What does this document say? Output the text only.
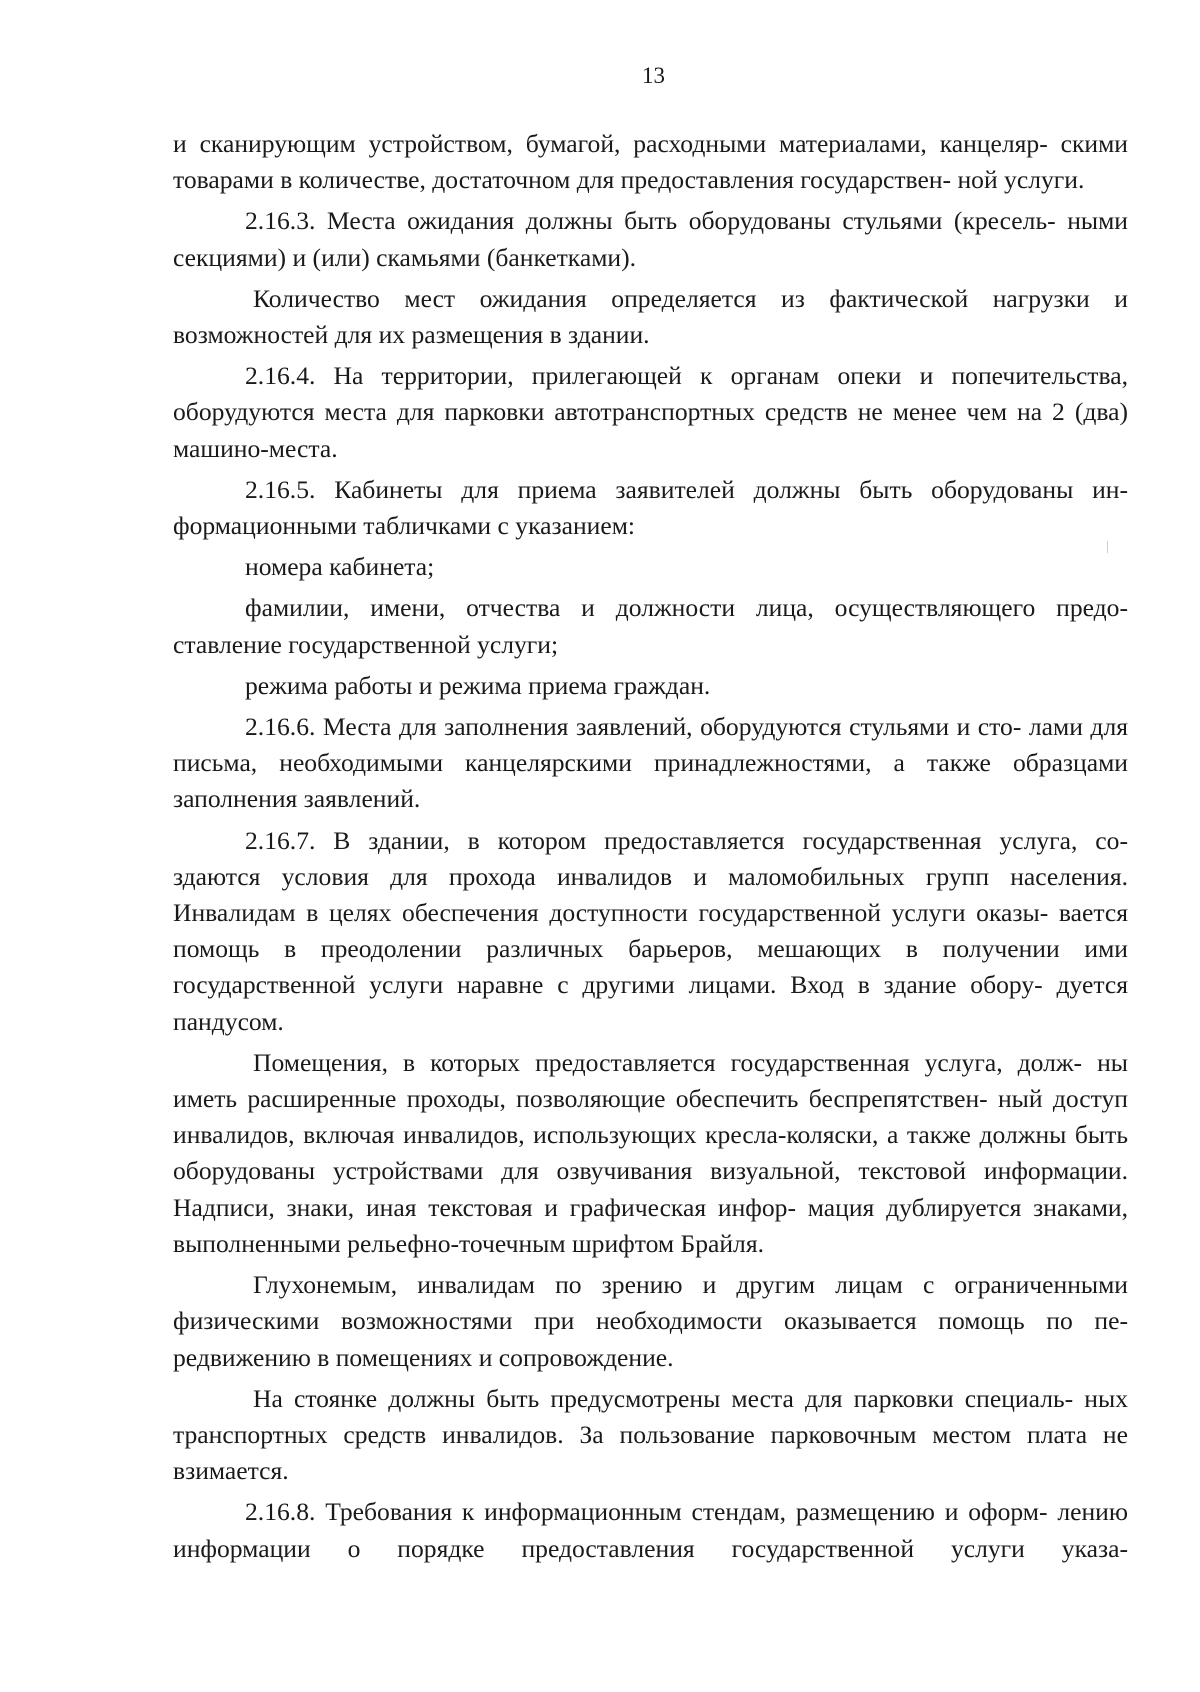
13

и сканирующим устройством, бумагой, расходными материалами, канцеляр- скими товарами в количестве, достаточном для предоставления государствен- ной услуги.

2.16.3. Места ожидания должны быть оборудованы стульями (кресель- ными секциями) и (или) скамьями (банкетками).

Количество мест ожидания определяется из фактической нагрузки и возможностей для их размещения в здании.

2.16.4. На территории, прилегающей к органам опеки и попечительства, оборудуются места для парковки автотранспортных средств не менее чем на 2 (два) машино-места.

2.16.5. Кабинеты для приема заявителей должны быть оборудованы ин- формационными табличками с указанием:

номера кабинета;

фамилии, имени, отчества и должности лица, осуществляющего предо- ставление государственной услуги;

режима работы и режима приема граждан.

2.16.6. Места для заполнения заявлений, оборудуются стульями и сто- лами для письма, необходимыми канцелярскими принадлежностями, а также образцами заполнения заявлений.

2.16.7. В здании, в котором предоставляется государственная услуга, со- здаются условия для прохода инвалидов и маломобильных групп населения. Инвалидам в целях обеспечения доступности государственной услуги оказы- вается помощь в преодолении различных барьеров, мешающих в получении ими государственной услуги наравне с другими лицами. Вход в здание обору- дуется пандусом.

Помещения, в которых предоставляется государственная услуга, долж- ны иметь расширенные проходы, позволяющие обеспечить беспрепятствен- ный доступ инвалидов, включая инвалидов, использующих кресла-коляски, а также должны быть оборудованы устройствами для озвучивания визуальной, текстовой информации. Надписи, знаки, иная текстовая и графическая инфор- мация дублируется знаками, выполненными рельефно-точечным шрифтом Брайля.

Глухонемым, инвалидам по зрению и другим лицам с ограниченными физическими возможностями при необходимости оказывается помощь по пе- редвижению в помещениях и сопровождение.

На стоянке должны быть предусмотрены места для парковки специаль- ных транспортных средств инвалидов. За пользование парковочным местом плата не взимается.

2.16.8. Требования к информационным стендам, размещению и оформ- лению информации о порядке предоставления государственной услуги указа-
